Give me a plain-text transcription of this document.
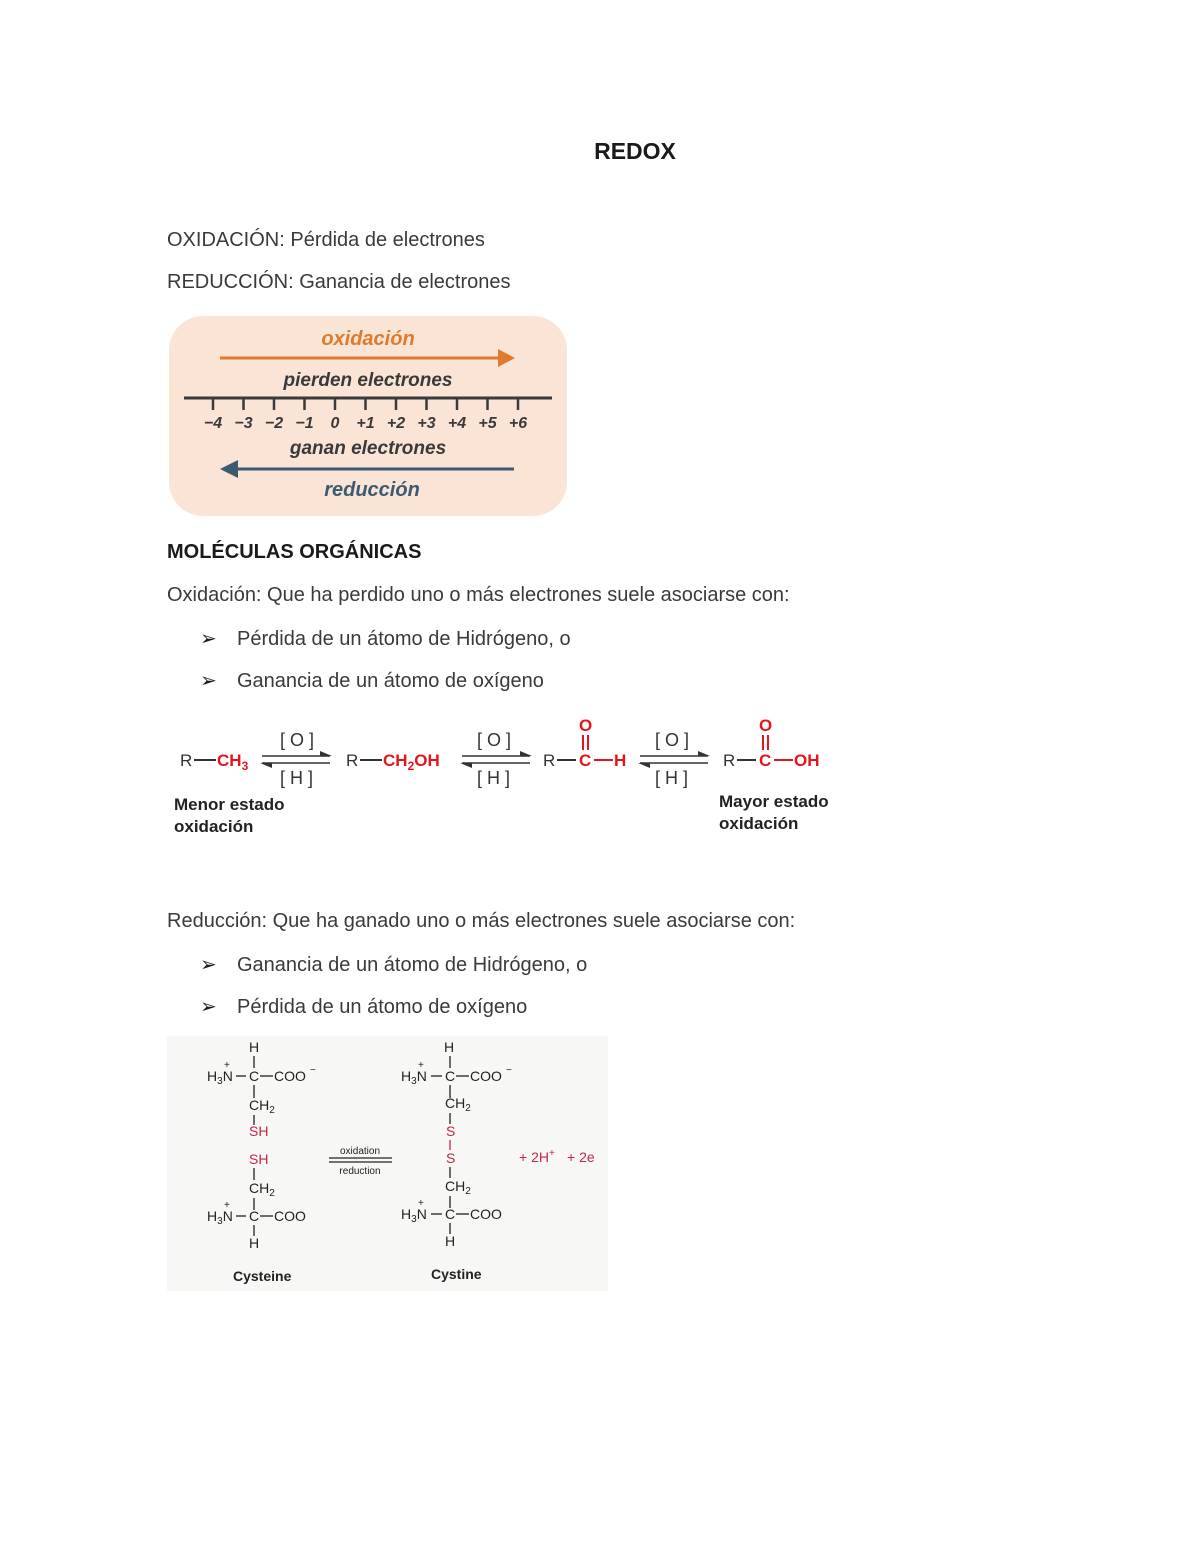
REDOX
OXIDACIÓN: Pérdida de electrones
REDUCCIÓN: Ganancia de electrones
oxidación
pierden electrones
−4 −3 −2 −1 0 +1 +2 +3 +4 +5 +6
ganan electrones
reducción
MOLÉCULAS ORGÁNICAS
Oxidación: Que ha perdido uno o más electrones suele asociarse con:
➢ Pérdida de un átomo de Hidrógeno, o
➢ Ganancia de un átomo de oxígeno
R $CH_3$
[ O ]
[ H ]
R $CH_2OH$
[ O ]
[ H ]
R C
O
H
[ O ]
[ H ]
R C
O
OH
Menor estado
oxidación
Mayor estado
oxidación
Reducción: Que ha ganado uno o más electrones suele asociarse con:
➢ Ganancia de un átomo de Hidrógeno, o
➢ Pérdida de un átomo de oxígeno
H
$H_3N$
+
C COO −
$CH_2$
SH
SH
$CH_2$
$H_3N$
+
C COO
H
Cysteine
oxidation
reduction
H
$H_3N$
+
C COO −
$CH_2$
S
S
$CH_2$
$H_3N$
+
C COO
H
Cystine
+ 2H+ + 2e
